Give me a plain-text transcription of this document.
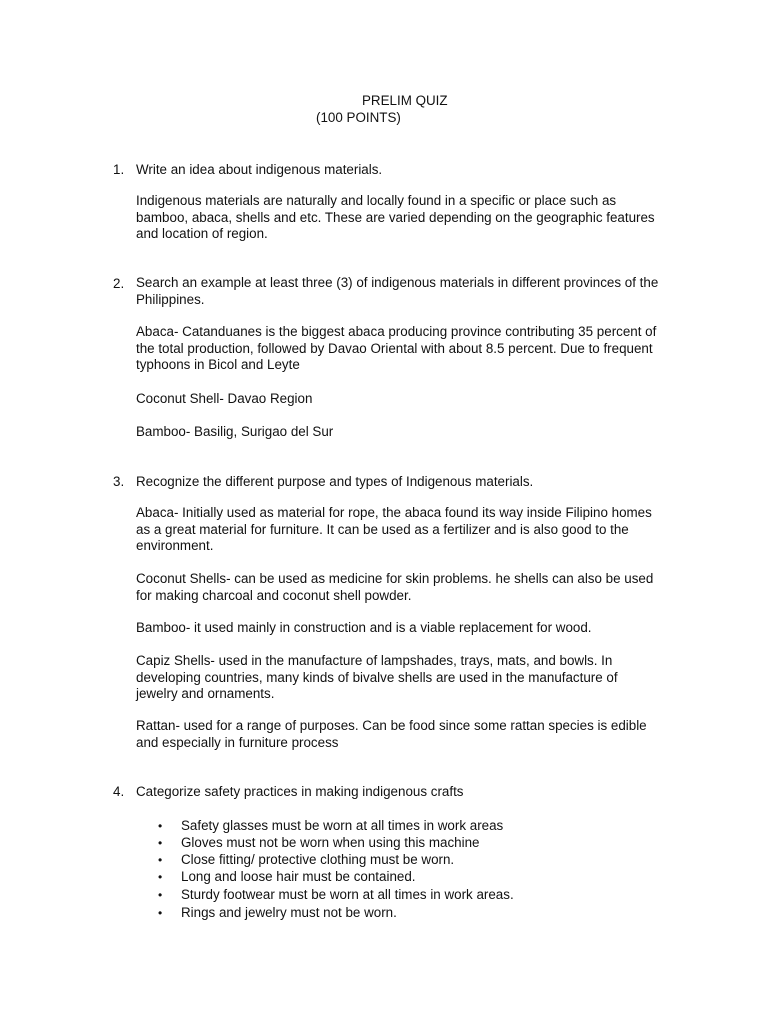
PRELIM QUIZ
(100 POINTS)
1. Write an idea about indigenous materials.
Indigenous materials are naturally and locally found in a specific or place such as
bamboo, abaca, shells and etc. These are varied depending on the geographic features
and location of region.
2. Search an example at least three (3) of indigenous materials in different provinces of the
Philippines.
Abaca- Catanduanes is the biggest abaca producing province contributing 35 percent of
the total production, followed by Davao Oriental with about 8.5 percent. Due to frequent
typhoons in Bicol and Leyte
Coconut Shell- Davao Region
Bamboo- Basilig, Surigao del Sur
3. Recognize the different purpose and types of Indigenous materials.
Abaca- Initially used as material for rope, the abaca found its way inside Filipino homes
as a great material for furniture. It can be used as a fertilizer and is also good to the
environment.
Coconut Shells- can be used as medicine for skin problems. he shells can also be used
for making charcoal and coconut shell powder.
Bamboo- it used mainly in construction and is a viable replacement for wood.
Capiz Shells- used in the manufacture of lampshades, trays, mats, and bowls. In
developing countries, many kinds of bivalve shells are used in the manufacture of
jewelry and ornaments.
Rattan- used for a range of purposes. Can be food since some rattan species is edible
and especially in furniture process
4. Categorize safety practices in making indigenous crafts
• Safety glasses must be worn at all times in work areas
• Gloves must not be worn when using this machine
• Close fitting/ protective clothing must be worn.
• Long and loose hair must be contained.
• Sturdy footwear must be worn at all times in work areas.
• Rings and jewelry must not be worn.
